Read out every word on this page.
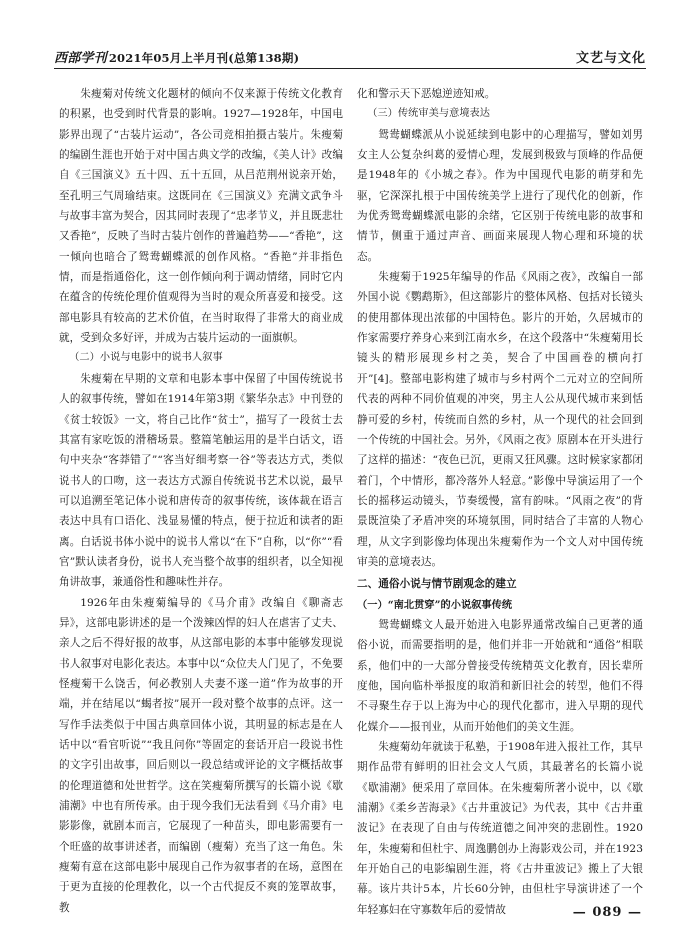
西部学刊 2021年05月上半月刊(总第138期)	文艺与文化

朱瘦菊对传统文化题材的倾向不仅来源于传统文化教育的积累，也受到时代背景的影响。1927—1928年，中国电影界出现了“古装片运动”，各公司竞相拍摄古装片。朱瘦菊的编剧生涯也开始于对中国古典文学的改编，《美人计》改编自《三国演义》五十四、五十五回，从吕范荆州说亲开始，至孔明三气周瑜结束。这既同在《三国演义》充满文武争斗与故事丰富为契合，因其同时表现了“忠孝节义，并且既悲壮又香艳”，反映了当时古装片创作的普遍趋势——“香艳”，这一倾向也暗合了鸳鸯蝴蝶派的创作风格。“香艳”并非指色情，而是指通俗化，这一创作倾向利于调动情绪，同时它内在蕴含的传统伦理价值观得为当时的观众所喜爱和接受。这部电影具有较高的艺术价值，在当时取得了非常大的商业成就，受到众多好评，并成为古装片运动的一面旗帜。

（二）小说与电影中的说书人叙事

朱瘦菊在早期的文章和电影本事中保留了中国传统说书人的叙事传统，譬如在1914年第3期《繁华杂志》中刊登的《贫士较饭》一文，将自己比作“贫士”，描写了一段贫士去其富有家吃饭的滑稽场景。整篇笔触运用的是半白话文，语句中夹杂“客莽错了”“客当好细考察一谷”等表达方式，类似说书人的口吻，这一表达方式源自传统说书艺术以说，最早可以追溯至笔记体小说和唐传奇的叙事传统，该体裁在语言表达中具有口语化、浅显易懂的特点，便于拉近和读者的距离。白话说书体小说中的说书人常以“在下”自称，以“你”“看官”默认读者身份，说书人充当整个故事的组织者，以全知视角讲故事，兼通俗性和趣味性并存。

1926年由朱瘦菊编导的《马介甫》改编自《聊斋志异》，这部电影讲述的是一个泼辣凶悍的妇人在虐害了丈夫、亲人之后不得好报的故事，从这部电影的本事中能够发现说书人叙事对电影化表达。本事中以“众位夫人门见了，不免要怪瘦菊干么饶舌，何必教别人夫妻不遂一道”作为故事的开端，并在结尾以“蝎者按”展开一段对整个故事的点评。这一写作手法类似于中国古典章回体小说，其明显的标志是在人话中以“看官听说”“我且问你”等固定的套话开启一段说书性的文字引出故事，回后则以一段总结或评论的文字概括故事的伦理道德和处世哲学。这在笑瘦菊所撰写的长篇小说《歇浦潮》中也有所传承。由于现今我们无法看到《马介甫》电影影像，就剧本而言，它展现了一种苗头，即电影需要有一个旺盛的故事讲述者，而编剧（瘦菊）充当了这一角色。朱瘦菊有意在这部电影中展现自己作为叙事者的在场，意图在于更为直接的伦理教化，以一个古代捉反不爽的笼罩故事，教

化和警示天下恶媳逆迹知戒。

（三）传统审美与意境表达

鸳鸯蝴蝶派从小说延续到电影中的心理描写，譬如刘男女主人公复杂纠葛的爱情心理，发展到极致与顶峰的作品便是1948年的《小城之春》。作为中国现代电影的萌芽和先驱，它深深扎根于中国传统美学上进行了现代化的创新，作为优秀鸳鸯蝴蝶派电影的余绪，它区别于传统电影的故事和情节，侧重于通过声音、画面来展现人物心理和环境的状态。

朱瘦菊于1925年编导的作品《风雨之夜》，改编自一部外国小说《鹦鹉斯》，但这部影片的整体风格、包括对长镜头的使用都体现出浓郁的中国特色。影片的开始，久居城市的作家需要疗养身心来到江南水乡，在这个段落中“朱瘦菊用长镜头的精形展现乡村之美，契合了中国画卷的横向打开”[4]。整部电影构建了城市与乡村两个二元对立的空间所代表的两种不同价值观的冲突，男主人公从现代城市来到恬静可爱的乡村，传统而自然的乡村，从一个现代的社会回到一个传统的中国社会。另外，《风雨之夜》原剧本在开头进行了这样的描述：“夜色已沉，更雨又狂风骤。这时候家家都闭着门，个中情形，都冷落外人轻意。”影像中导演运用了一个长的摇移运动镜头，节奏缓慢，富有韵味。“风雨之夜”的背景既渲染了矛盾冲突的环境氛围，同时结合了丰富的人物心理，从文字到影像均体现出朱瘦菊作为一个文人对中国传统审美的意境表达。

二、通俗小说与情节剧观念的建立

（一）“南北贯穿”的小说叙事传统

鸳鸯蝴蝶文人最开始进入电影界通常改编自己更著的通俗小说，而需要指明的是，他们并非一开始就和“通俗”相联系，他们中的一大部分曾接受传统精英文化教育，因长辈所度他，国向临朴举报度的取消和新旧社会的转型，他们不得不寻聚生存于以上海为中心的现代化都市，进入早期的现代化媒介——报刊业，从而开始他们的美文生涯。

朱瘦菊幼年就读于私塾，于1908年进入报社工作，其早期作品带有鲜明的旧社会文人气质，其最著名的长篇小说《歇浦潮》便采用了章回体。在朱瘦菊所著小说中，以《歇浦潮》《柔乡苦海录》《古井重波记》为代表，其中《古井重波记》在表现了自由与传统道德之间冲突的悲剧性。1920年，朱瘦菊和但杜宇、周逸鹏创办上海影戏公司，并在1923年开始自己的电影编剧生涯，将《古井重波记》搬上了大银幕。该片共计5本，片长60分钟，由但杜宇导演讲述了一个年轻寡妇在守寡数年后的爱情故	— 089 —
